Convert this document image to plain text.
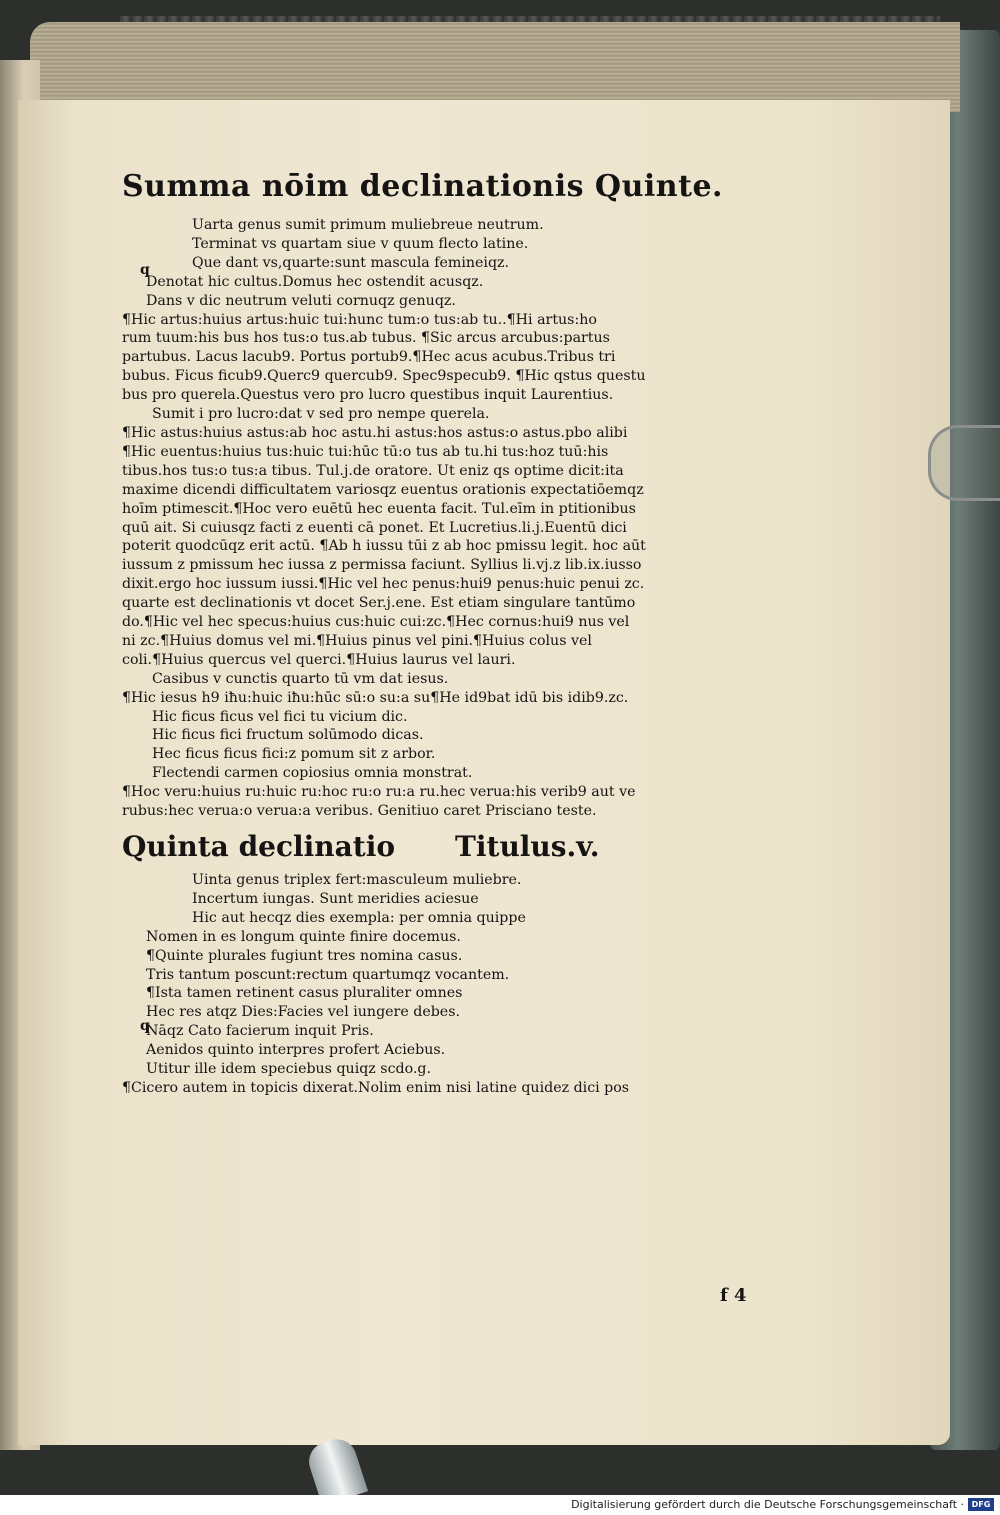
q
q
Summa nōim declinationis Quinte.
Uarta genus sumit primum muliebreue neutrum.
Terminat vs quartam siue v quum flecto latine.
Que dant vs,quarte:sunt mascula femineiqz.
Denotat hic cultus.Domus hec ostendit acusqz.
Dans v dic neutrum veluti cornuqz genuqz.
¶Hic artus:huius artus:huic tui:hunc tum:o tus:ab tu..¶Hi artus:ho
rum tuum:his bus hos tus:o tus.ab tubus. ¶Sic arcus arcubus:partus
partubus. Lacus lacub9. Portus portub9.¶Hec acus acubus.Tribus tri
bubus. Ficus ficub9.Querc9 quercub9. Spec9specub9. ¶Hic qstus questu
bus pro querela.Questus vero pro lucro questibus inquit Laurentius.
Sumit i pro lucro:dat v sed pro nempe querela.
¶Hic astus:huius astus:ab hoc astu.hi astus:hos astus:o astus.pbo alibi
¶Hic euentus:huius tus:huic tui:hūc tū:o tus ab tu.hi tus:hoz tuū:his
tibus.hos tus:o tus:a tibus. Tul.j.de oratore. Ut eniz qs optime dicit:ita
maxime dicendi difficultatem variosqz euentus orationis expectatiōemqz
hoīm ptimescit.¶Hoc vero euētū hec euenta facit. Tul.eīm in ptitionibus
quū ait. Si cuiusqz facti z euenti cā ponet. Et Lucretius.li.j.Euentū dici
poterit quodcūqz erit actū. ¶Ab h iussu tūi z ab hoc pmissu legit. hoc aūt
iussum z pmissum hec iussa z permissa faciunt. Syllius li.vj.z lib.ix.iusso
dixit.ergo hoc iussum iussi.¶Hic vel hec penus:hui9 penus:huic penui zc.
quarte est declinationis vt docet Ser.j.ene. Est etiam singulare tantūmo
do.¶Hic vel hec specus:huius cus:huic cui:zc.¶Hec cornus:hui9 nus vel
ni zc.¶Huius domus vel mi.¶Huius pinus vel pini.¶Huius colus vel
coli.¶Huius quercus vel querci.¶Huius laurus vel lauri.
Casibus v cunctis quarto tū vm dat iesus.
¶Hic iesus h9 iħu:huic iħu:hūc sū:o su:a su¶He id9bat idū bis idib9.zc.
Hic ficus ficus vel fici tu vicium dic.
Hic ficus fici fructum solūmodo dicas.
Hec ficus ficus fici:z pomum sit z arbor.
Flectendi carmen copiosius omnia monstrat.
¶Hoc veru:huius ru:huic ru:hoc ru:o ru:a ru.hec verua:his verib9 aut ve
rubus:hec verua:o verua:a veribus. Genitiuo caret Prisciano teste.
Quinta declinatio Titulus.v.
Uinta genus triplex fert:masculeum muliebre.
Incertum iungas. Sunt meridies aciesue
Hic aut hecqz dies exempla: per omnia quippe
Nomen in es longum quinte finire docemus.
¶Quinte plurales fugiunt tres nomina casus.
Tris tantum poscunt:rectum quartumqz vocantem.
¶Ista tamen retinent casus pluraliter omnes
Hec res atqz Dies:Facies vel iungere debes.
Nāqz Cato facierum inquit Pris.
Aenidos quinto interpres profert Aciebus.
Utitur ille idem speciebus quiqz scdo.g.
¶Cicero autem in topicis dixerat.Nolim enim nisi latine quidez dici pos
f 4
Digitalisierung gefördert durch die Deutsche Forschungsgemeinschaft · DFG
